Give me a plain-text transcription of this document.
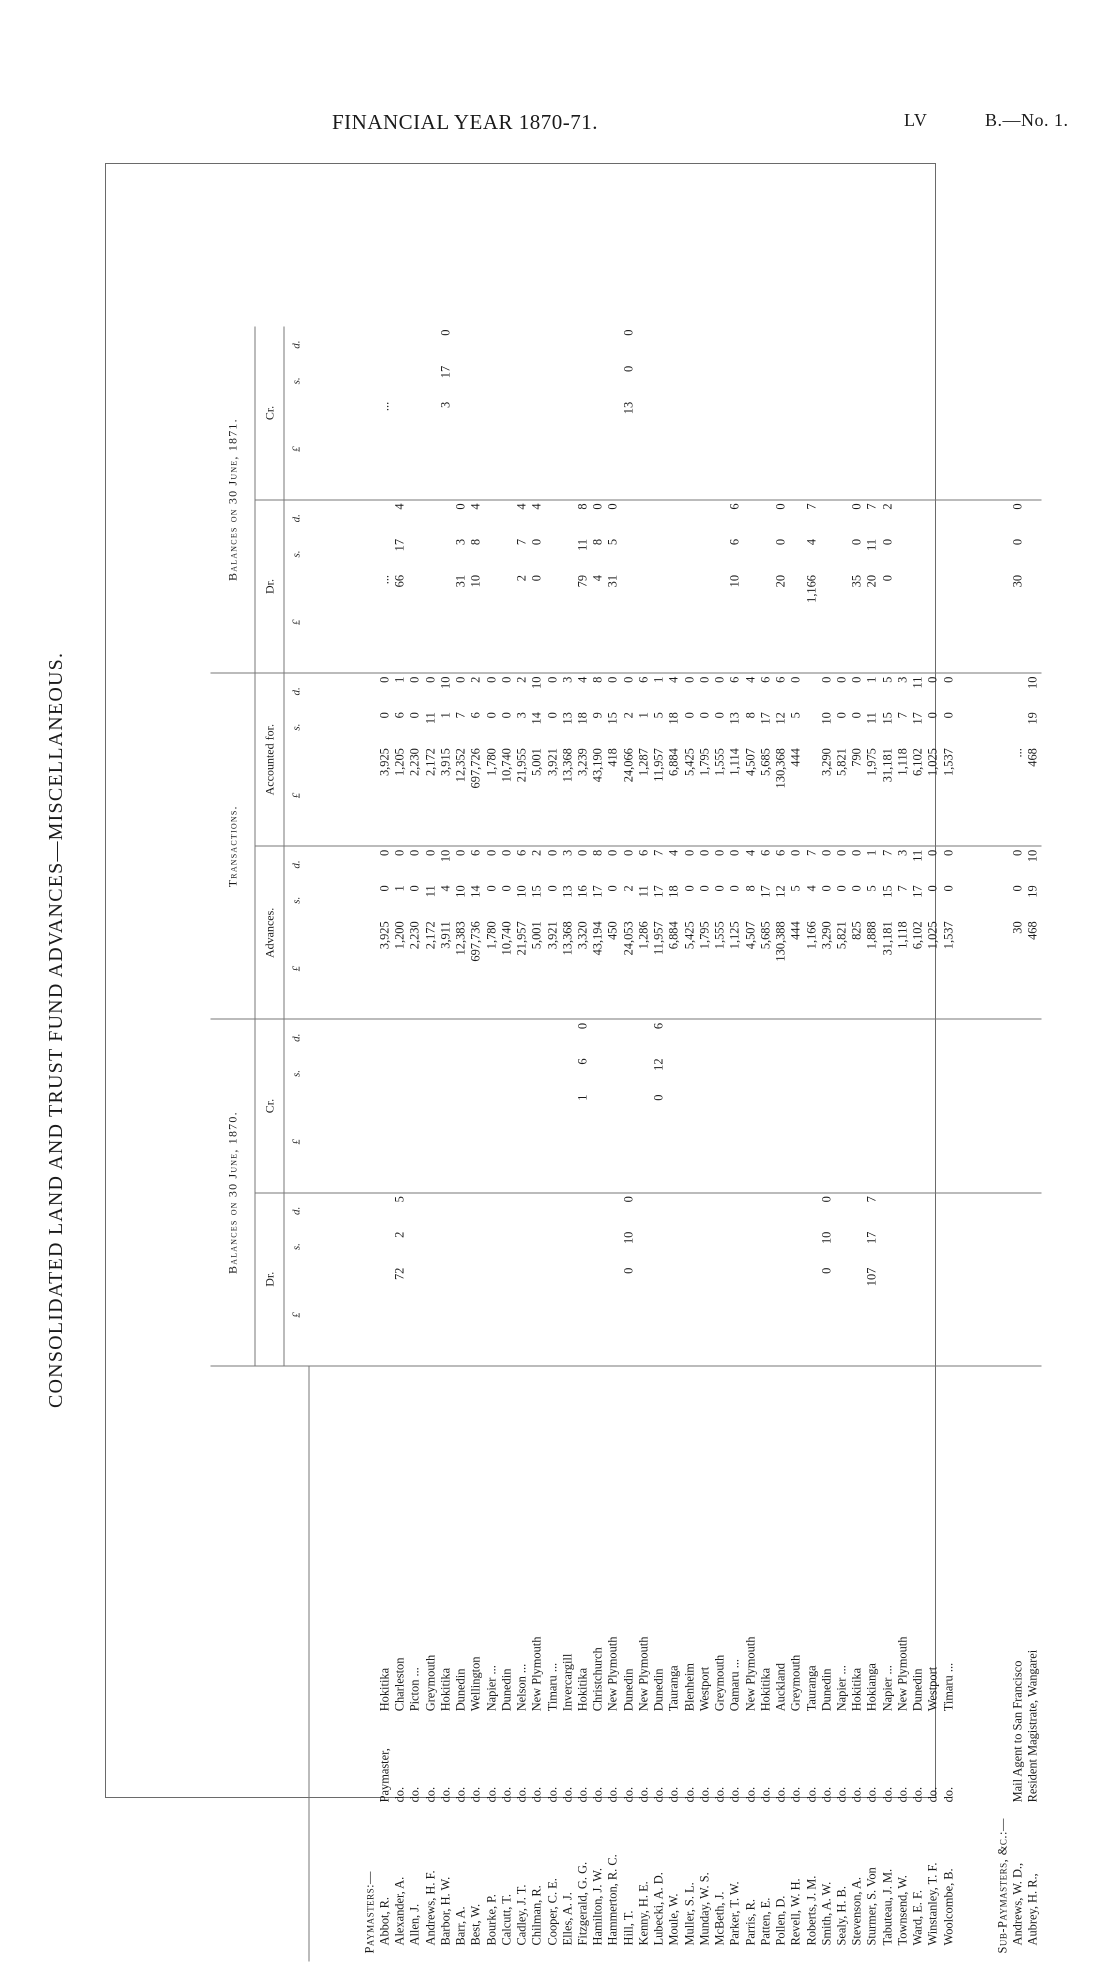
FINANCIAL YEAR 1870-71.	LV	B.—No. 1.
CONSOLIDATED LAND AND TRUST FUND ADVANCES—MISCELLANEOUS.
		Balances on 30 June, 1870.						Transactions.						Balances on 30 June, 1871.					
	Dr.			Cr.			Advances.			Accounted for.			Dr.			Cr.		
	£	s.	d.	£	s.	d.	£	s.	d.	£	s.	d.	£	s.	d.	£	s.	d.

Paymasters:—																		

Abbot, R. Paymaster, Hokitika							3,925	0	0	3,925	0	0	...			...		

Alexander, A. do. Charleston	72	2	5				1,200	1	0	1,205	6	1	66	17	4			

Allen, J. do. Picton ...							2,230	0	0	2,230	0	0						

Andrews, H. F. do. Greymouth							2,172	11	0	2,172	11	0						

Barbor, H. W. do. Hokitika							3,911	4	10	3,915	1	10				3	17	0

Barr, A. do. Dunedin							12,383	10	0	12,352	7	0	31	3	0			

Best, W. do. Wellington							697,736	14	6	697,726	6	2	10	8	4			

Bourke, P. do. Napier ...							1,780	0	0	1,780	0	0						

Calcutt, T. do. Dunedin							10,740	0	0	10,740	0	0						

Cadley, J. T. do. Nelson ...							21,957	10	6	21,955	3	2	2	7	4			

Chilman, R. do. New Plymouth							5,001	15	2	5,001	14	10	0	0	4			

Cooper, C. E. do. Timaru ...							3,921	0	0	3,921	0	0						

Elles, A. J. do. Invercargill							13,368	13	3	13,368	13	3						

Fitzgerald, G. G. do. Hokitika				1	6	0	3,320	16	0	3,239	18	4	79	11	8			

Hamilton, J. W. do. Christchurch							43,194	17	8	43,190	9	8	4	8	0			

Hammerton, R. C. do. New Plymouth							450	0	0	418	15	0	31	5	0			

Hill, T. do. Dunedin	0	10	0				24,053	2	0	24,066	2	0				13	0	0

Kenny, H. E. do. New Plymouth							1,286	11	6	1,287	1	6						

Lubecki, A. D. do. Dunedin				0	12	6	11,957	17	7	11,957	5	1						

Moule, W. do. Tauranga							6,884	18	4	6,884	18	4						

Muller, S. L. do. Blenheim							5,425	0	0	5,425	0	0						

Munday, W. S. do. Westport							1,795	0	0	1,795	0	0						

McBeth, J. do. Greymouth							1,555	0	0	1,555	0	0						

Parker, T. W. do. Oamaru ...							1,125	0	0	1,114	13	6	10	6	6			

Parris, R. do. New Plymouth							4,507	8	4	4,507	8	4						

Patten, E. do. Hokitika							5,685	17	6	5,685	17	6						

Pollen, D. do. Auckland							130,388	12	6	130,368	12	6	20	0	0			

Revell, W. H. do. Greymouth							444	5	0	444	5	0						

Roberts, J. M. do. Tauranga							1,166	4	7				1,166	4	7			

Smith, A. W. do. Dunedin	0	10	0				3,290	0	0	3,290	10	0						

Sealy, H. B. do. Napier ...							5,821	0	0	5,821	0	0						

Stevenson, A. do. Hokitika							825	0	0	790	0	0	35	0	0			

Sturmer, S. Von do. Hokianga	107	17	7				1,888	5	1	1,975	11	1	20	11	7			

Tabuteau, J. M. do. Napier ...							31,181	15	7	31,181	15	5	0	0	2			

Townsend, W. do. New Plymouth							1,118	7	3	1,118	7	3						

Ward, E. F. do. Dunedin							6,102	17	11	6,102	17	11						

Winstanley, T. F. do. Westport							1,025	0	0	1,025	0	0						

Woolcombe, B. do. Timaru ...							1,537	0	0	1,537	0	0						

Sub-Paymasters, &c.:—																		

Andrews, W. D., Mail Agent to San Francisco							30	0	0	...			30	0	0			

Aubrey, H. R., Resident Magistrate, Wangarei							468	19	10	468	19	10						
